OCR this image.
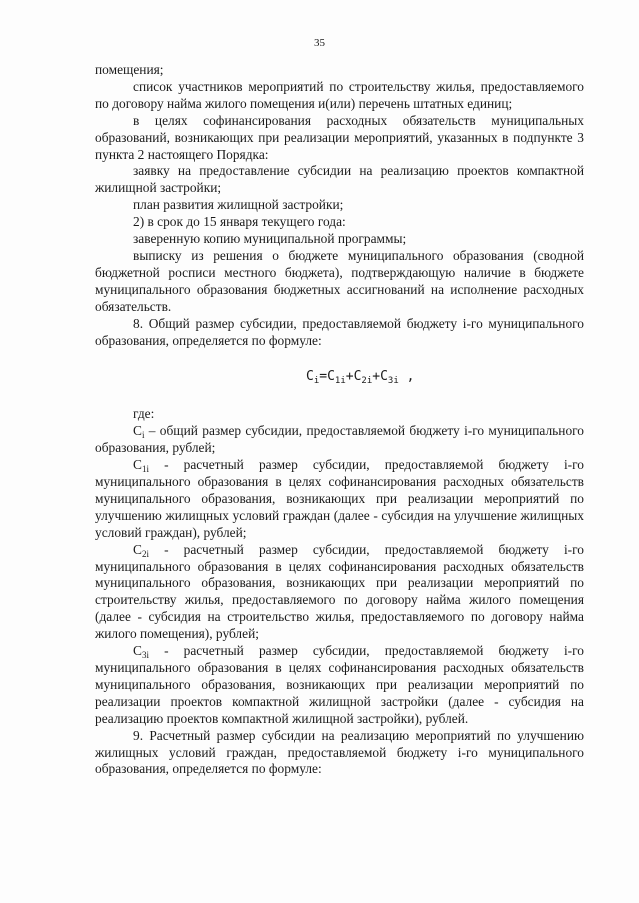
35

помещения;

список участников мероприятий по строительству жилья, предоставляемого по договору найма жилого помещения и(или) перечень штатных единиц;

в целях софинансирования расходных обязательств муниципальных образований, возникающих при реализации мероприятий, указанных в подпункте 3 пункта 2 настоящего Порядка:

заявку на предоставление субсидии на реализацию проектов компактной жилищной застройки;

план развития жилищной застройки;

2) в срок до 15 января текущего года:

заверенную копию муниципальной программы;

выписку из решения о бюджете муниципального образования (сводной бюджетной росписи местного бюджета), подтверждающую наличие в бюджете муниципального образования бюджетных ассигнований на исполнение расходных обязательств.

8. Общий размер субсидии, предоставляемой бюджету i-го муниципального образования, определяется по формуле:

$C_i=C_{1i}+C_{2i}+C_{3i}$ ,

где:

$C_i$ – общий размер субсидии, предоставляемой бюджету i-го муниципального образования, рублей;

$C_{1i}$ - расчетный размер субсидии, предоставляемой бюджету i-го муниципального образования в целях софинансирования расходных обязательств муниципального образования, возникающих при реализации мероприятий по улучшению жилищных условий граждан (далее - субсидия на улучшение жилищных условий граждан), рублей;

$C_{2i}$ - расчетный размер субсидии, предоставляемой бюджету i-го муниципального образования в целях софинансирования расходных обязательств муниципального образования, возникающих при реализации мероприятий по строительству жилья, предоставляемого по договору найма жилого помещения (далее - субсидия на строительство жилья, предоставляемого по договору найма жилого помещения), рублей;

$C_{3i}$ - расчетный размер субсидии, предоставляемой бюджету i-го муниципального образования в целях софинансирования расходных обязательств муниципального образования, возникающих при реализации мероприятий по реализации проектов компактной жилищной застройки (далее - субсидия на реализацию проектов компактной жилищной застройки), рублей.

9. Расчетный размер субсидии на реализацию мероприятий по улучшению жилищных условий граждан, предоставляемой бюджету i-го муниципального образования, определяется по формуле:
